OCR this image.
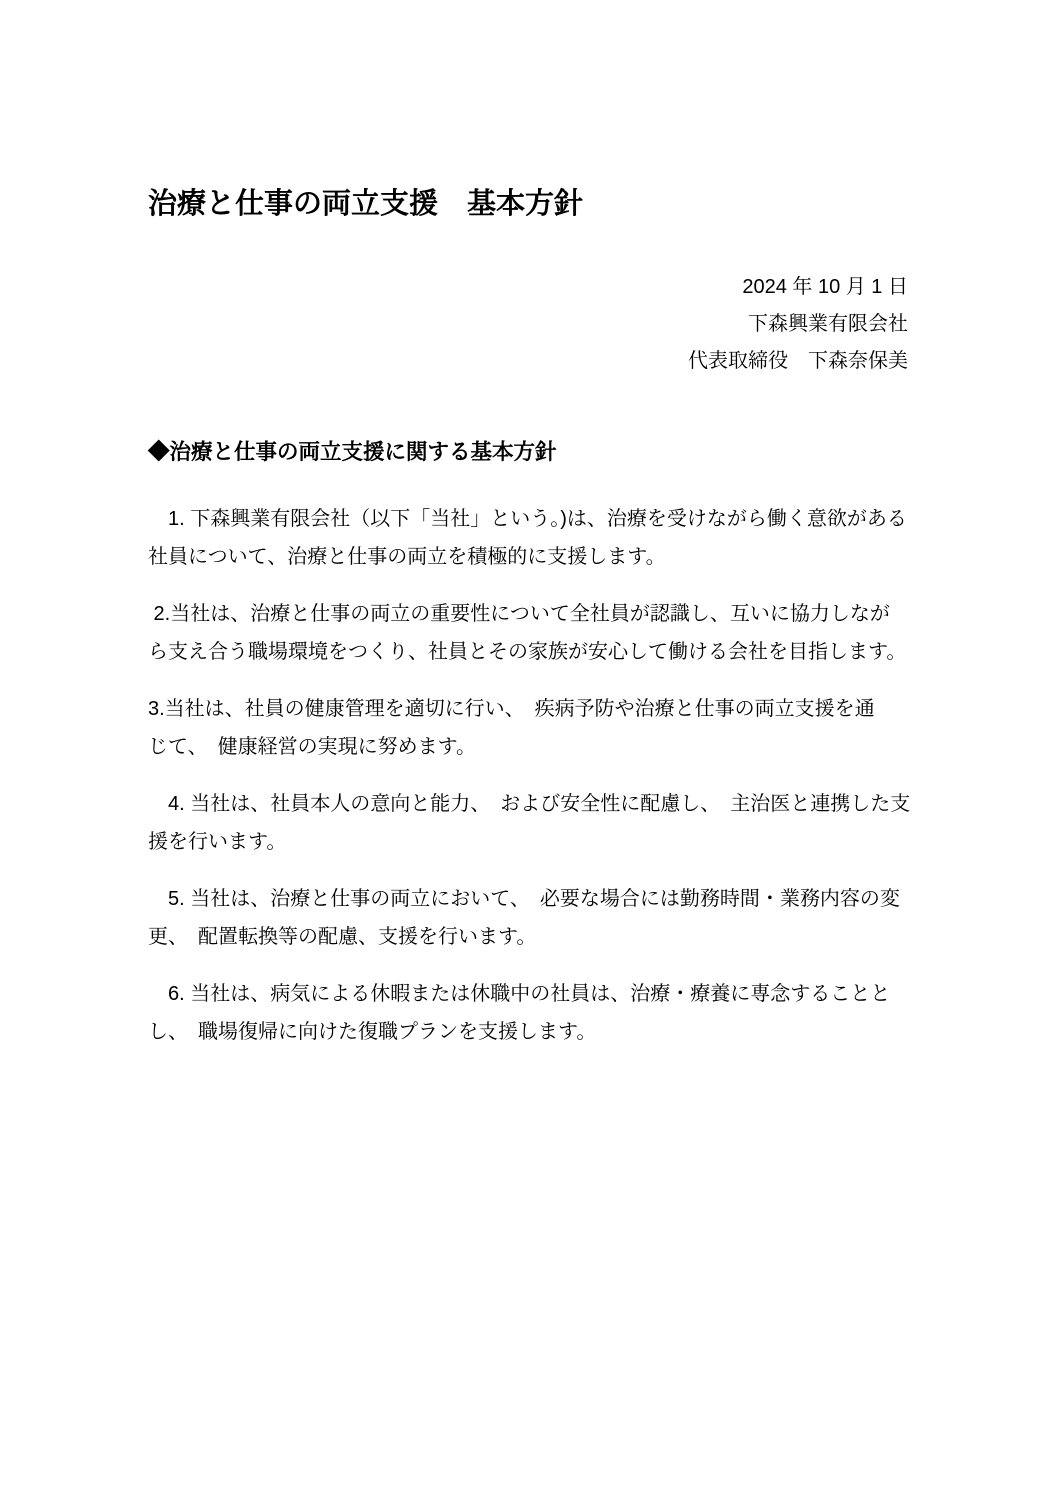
治療と仕事の両立支援　基本方針
2024 年 10 月 1 日
下森興業有限会社
代表取締役　下森奈保美
◆治療と仕事の両立支援に関する基本方針

　1. 下森興業有限会社（以下「当社」という。)は、治療を受けながら働く意欲がある
社員について、治療と仕事の両立を積極的に支援します。

2.当社は、治療と仕事の両立の重要性について全社員が認識し、互いに協力しなが
ら支え合う職場環境をつくり、社員とその家族が安心して働ける会社を目指します。

3.当社は、社員の健康管理を適切に行い、　疾病予防や治療と仕事の両立支援を通
じて、　健康経営の実現に努めます。

　4. 当社は、社員本人の意向と能力、　および安全性に配慮し、　主治医と連携した支
援を行います。

　5. 当社は、治療と仕事の両立において、　必要な場合には勤務時間・業務内容の変
更、　配置転換等の配慮、支援を行います。

　6. 当社は、病気による休暇または休職中の社員は、治療・療養に専念することと
し、　職場復帰に向けた復職プランを支援します。
